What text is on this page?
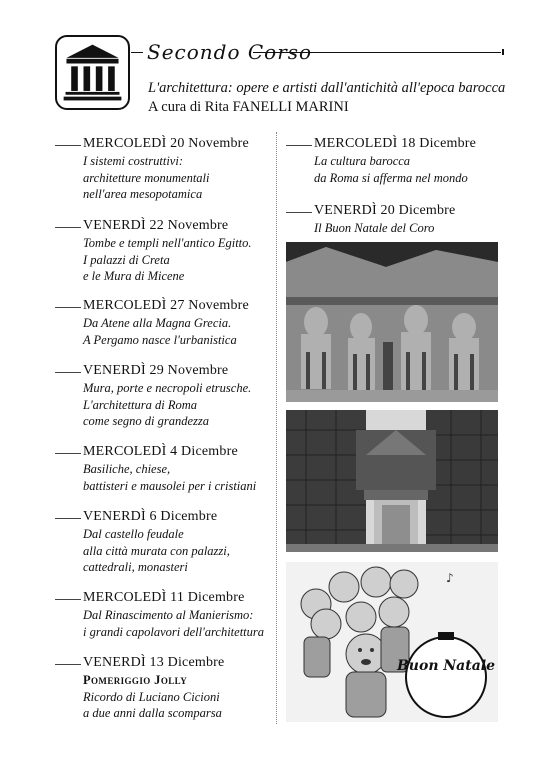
Secondo Corso
L'architettura: opere e artisti dall'antichità all'epoca barocca
A cura di Rita FANELLI MARINI
MERCOLEDÌ 20 Novembre
I sistemi costruttivi:
architetture monumentali
nell'area mesopotamica
VENERDÌ 22 Novembre
Tombe e templi nell'antico Egitto.
I palazzi di Creta
e le Mura di Micene
MERCOLEDÌ 27 Novembre
Da Atene alla Magna Grecia.
A Pergamo nasce l'urbanistica
VENERDÌ 29 Novembre
Mura, porte e necropoli etrusche.
L'architettura di Roma
come segno di grandezza
MERCOLEDÌ 4 Dicembre
Basiliche, chiese,
battisteri e mausolei per i cristiani
VENERDÌ 6 Dicembre
Dal castello feudale
alla città murata con palazzi,
cattedrali, monasteri
MERCOLEDÌ 11 Dicembre
Dal Rinascimento al Manierismo:
i grandi capolavori dell'architettura
VENERDÌ 13 Dicembre
Pomeriggio Jolly
Ricordo di Luciano Cicioni
a due anni dalla scomparsa
MERCOLEDÌ 18 Dicembre
La cultura barocca
da Roma si afferma nel mondo
VENERDÌ 20 Dicembre
Il Buon Natale del Coro
♪
Buon Natale
